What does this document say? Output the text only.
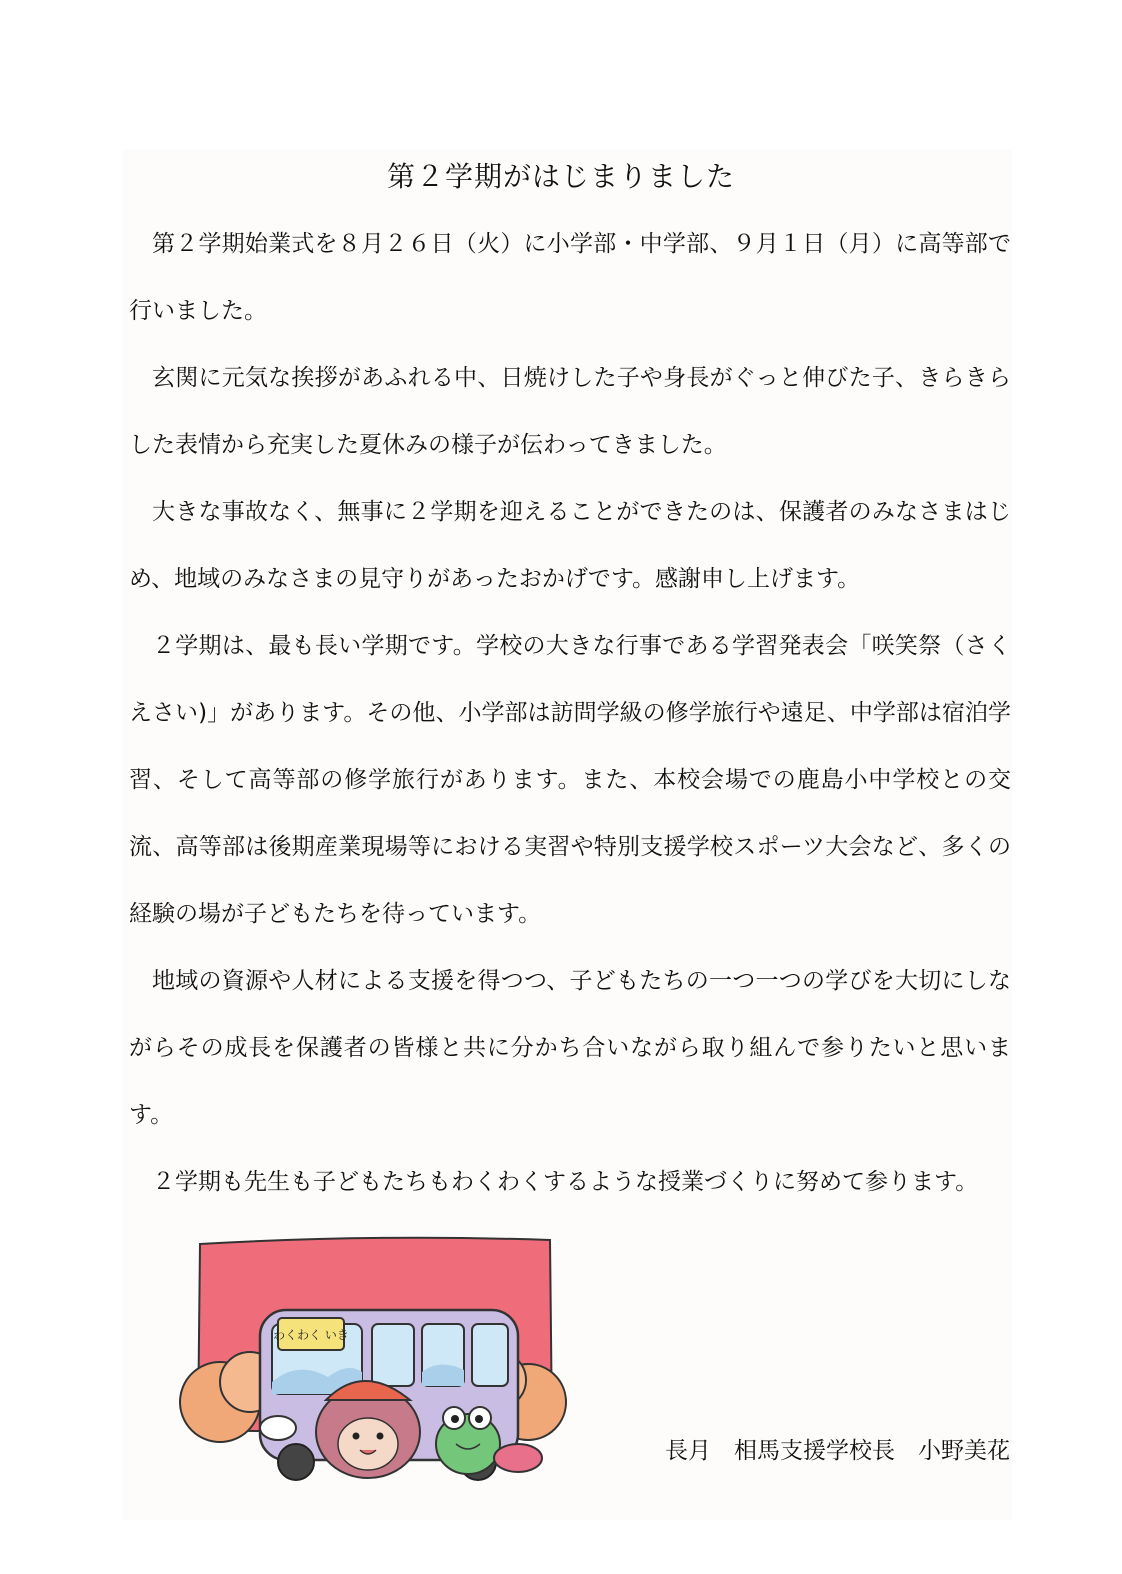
第２学期がはじまりました

第２学期始業式を８月２６日（火）に小学部・中学部、９月１日（月）に高等部で行いました。

玄関に元気な挨拶があふれる中、日焼けした子や身長がぐっと伸びた子、きらきらした表情から充実した夏休みの様子が伝わってきました。

大きな事故なく、無事に２学期を迎えることができたのは、保護者のみなさまはじめ、地域のみなさまの見守りがあったおかげです。感謝申し上げます。

２学期は、最も長い学期です。学校の大きな行事である学習発表会「咲笑祭（さくえさい)」があります。その他、小学部は訪問学級の修学旅行や遠足、中学部は宿泊学習、そして高等部の修学旅行があります。また、本校会場での鹿島小中学校との交流、高等部は後期産業現場等における実習や特別支援学校スポーツ大会など、多くの経験の場が子どもたちを待っています。

地域の資源や人材による支援を得つつ、子どもたちの一つ一つの学びを大切にしながらその成長を保護者の皆様と共に分かち合いながら取り組んで参りたいと思います。

２学期も先生も子どもたちもわくわくするような授業づくりに努めて参ります。

わくわく いき
長月　相馬支援学校長　小野美花
